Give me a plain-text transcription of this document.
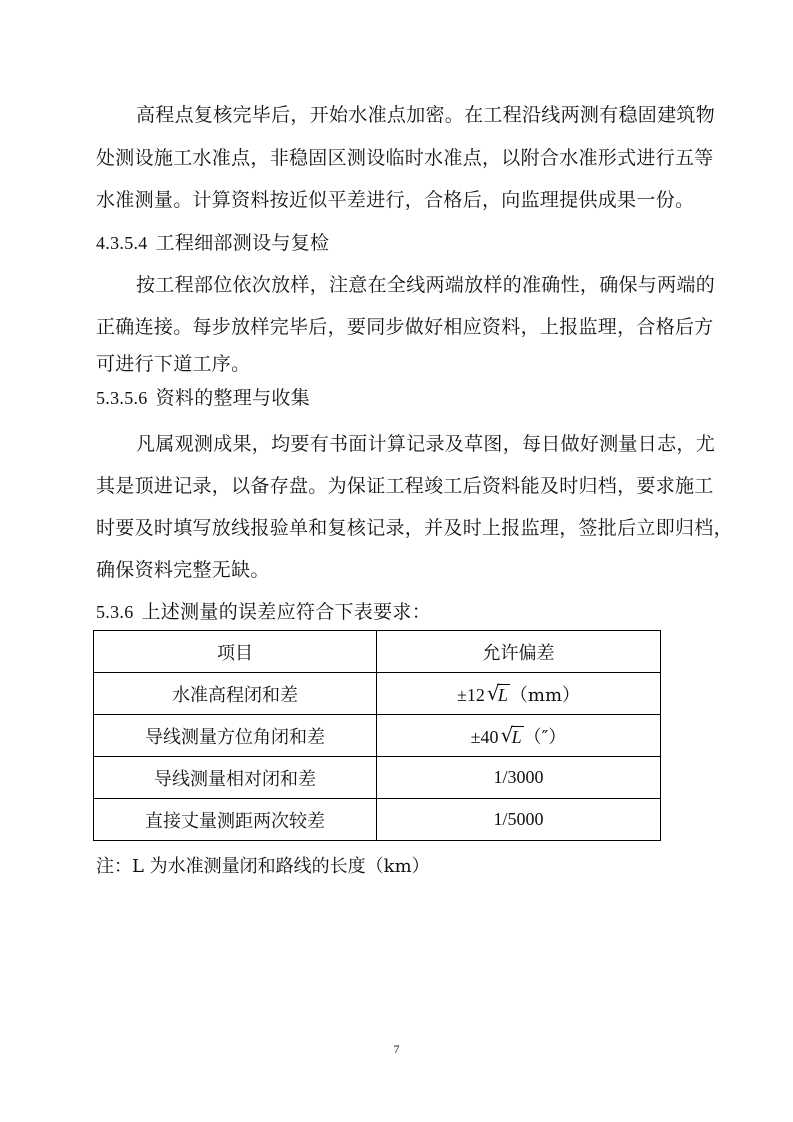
高程点复核完毕后，开始水准点加密。在工程沿线两测有稳固建筑物
处测设施工水准点，非稳固区测设临时水准点，以附合水准形式进行五等
水准测量。计算资料按近似平差进行，合格后，向监理提供成果一份。
4.3.5.4 工程细部测设与复检
按工程部位依次放样，注意在全线两端放样的准确性，确保与两端的
正确连接。每步放样完毕后，要同步做好相应资料，上报监理，合格后方
可进行下道工序。
5.3.5.6 资料的整理与收集
凡属观测成果，均要有书面计算记录及草图，每日做好测量日志，尤
其是顶进记录，以备存盘。为保证工程竣工后资料能及时归档，要求施工
时要及时填写放线报验单和复核记录，并及时上报监理，签批后立即归档，
确保资料完整无缺。
5.3.6 上述测量的误差应符合下表要求：
项目	允许偏差
水准高程闭和差	±12 √
L （mm）
导线测量方位角闭和差	±40 √
L （″）
导线测量相对闭和差	1/3000
直接丈量测距两次较差	1/5000
注：L 为水准测量闭和路线的长度（km）
7
